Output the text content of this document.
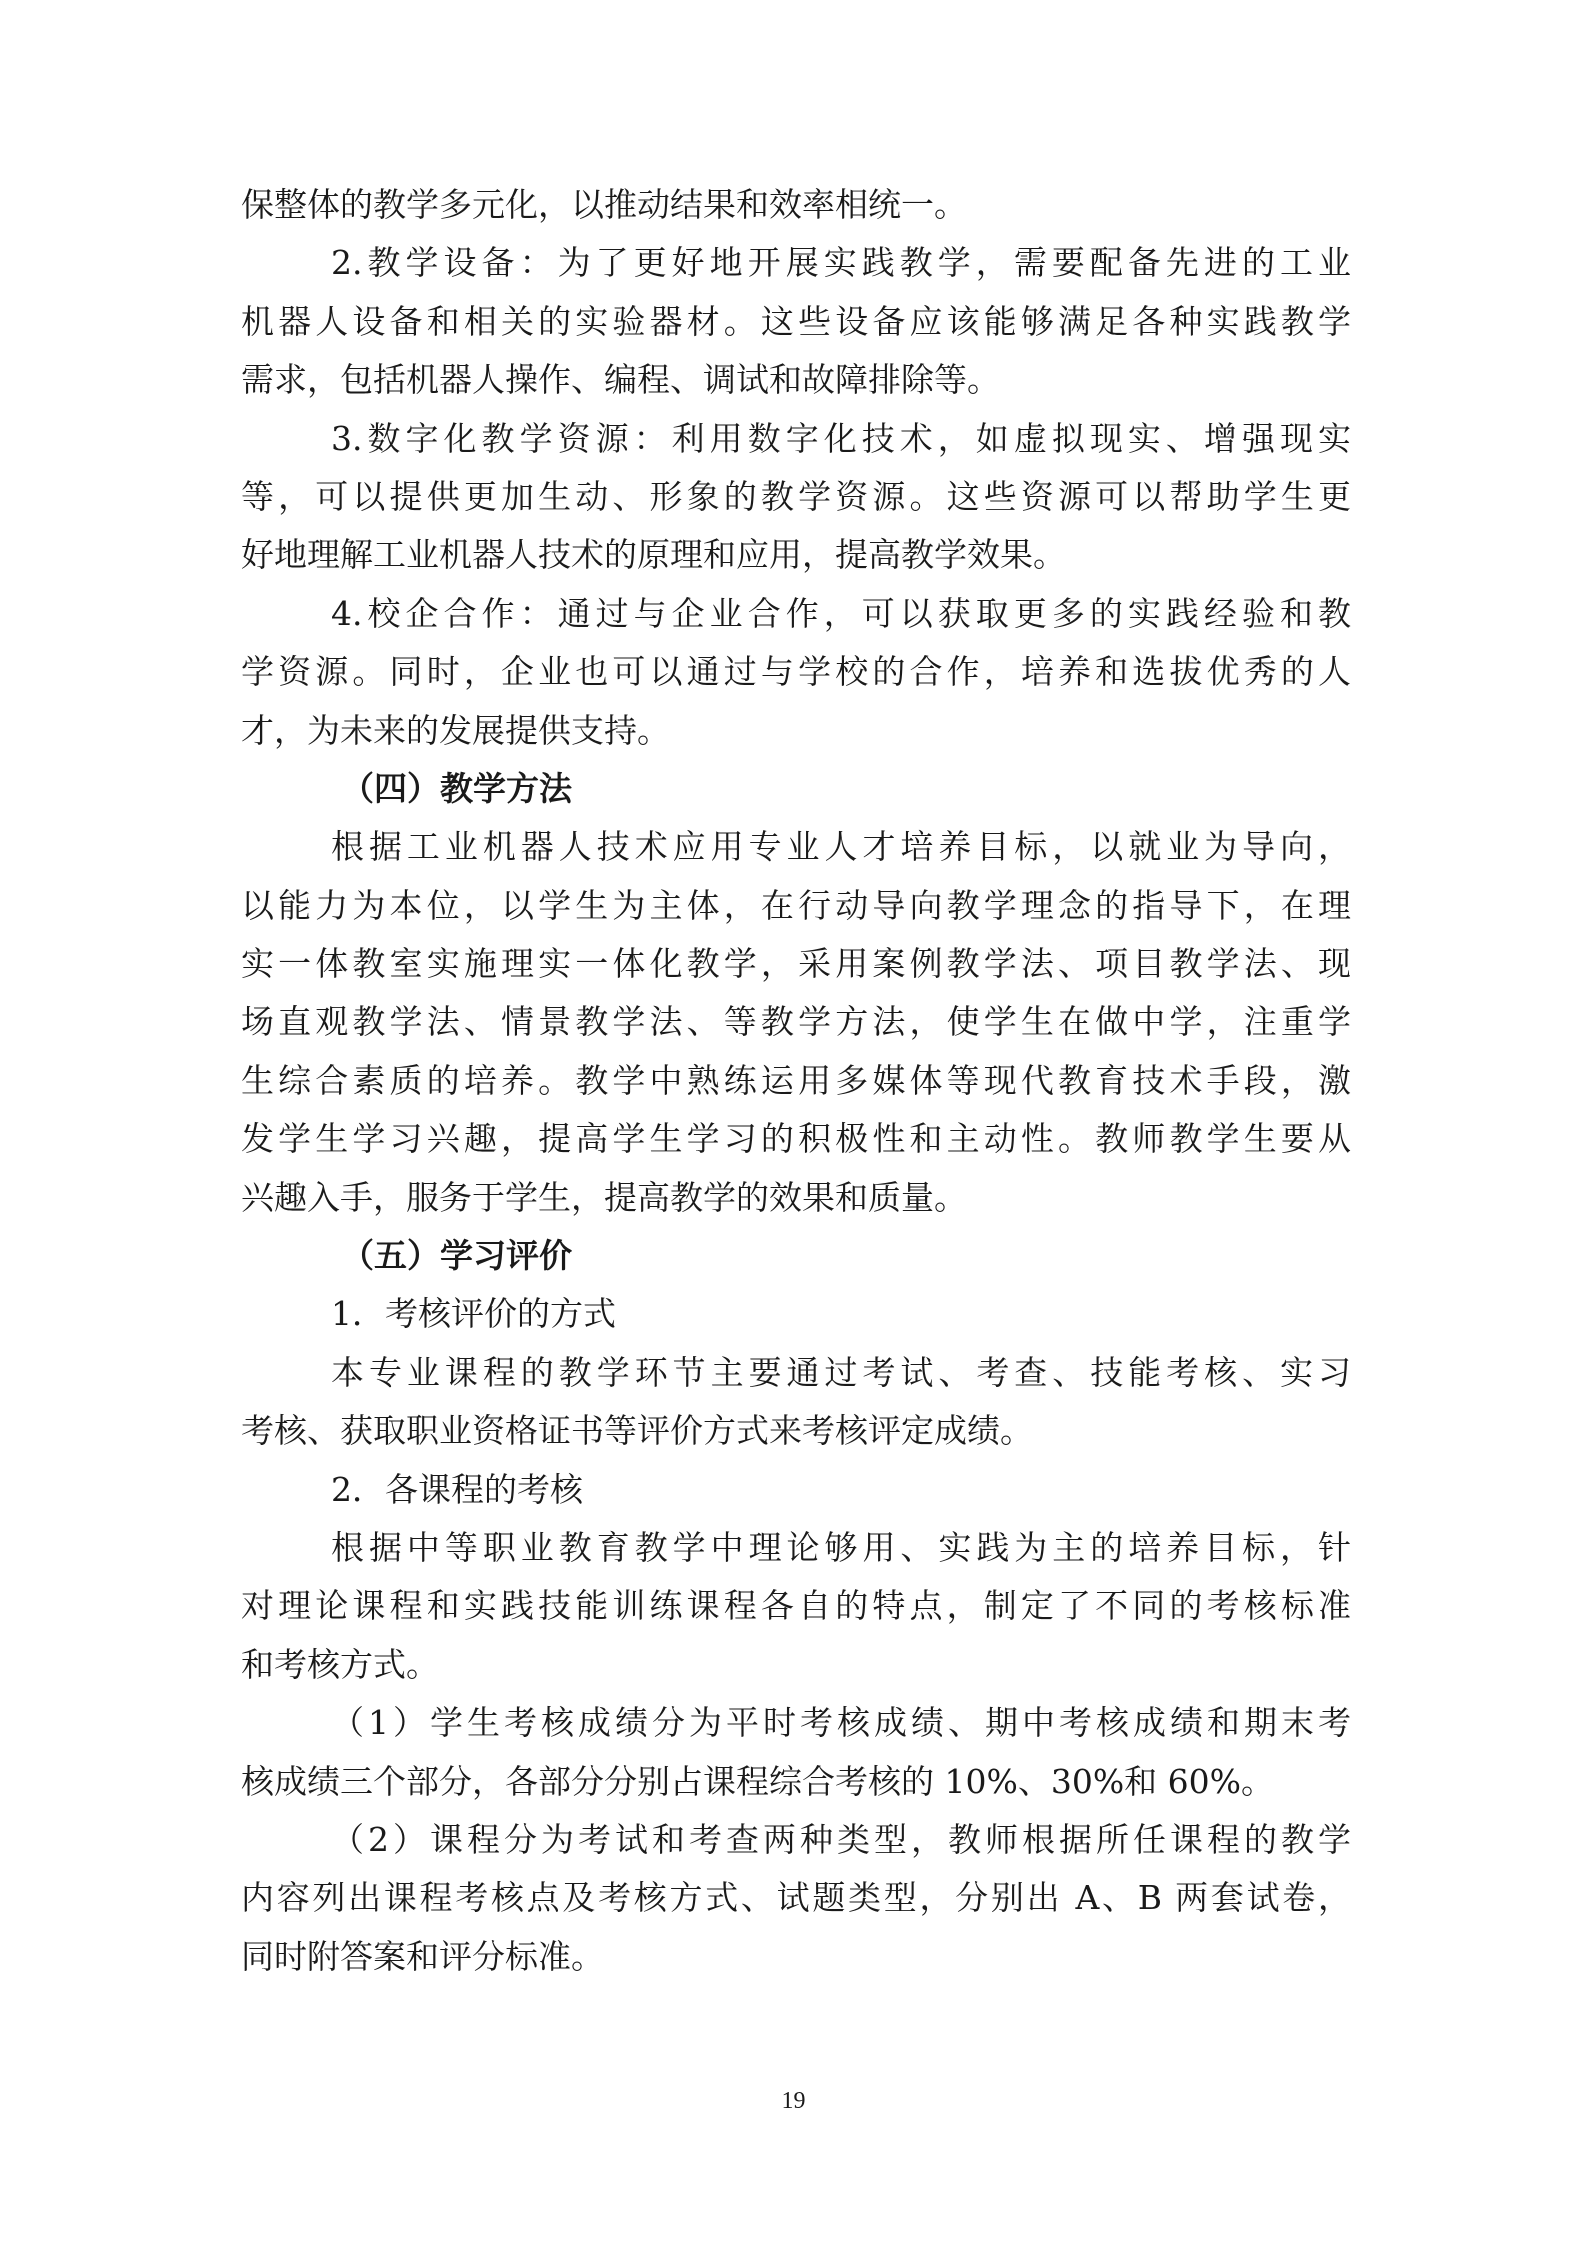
保整体的教学多元化，以推动结果和效率相统一。
2.教学设备：为了更好地开展实践教学，需要配备先进的工业
机器人设备和相关的实验器材。这些设备应该能够满足各种实践教学
需求，包括机器人操作、编程、调试和故障排除等。
3.数字化教学资源：利用数字化技术，如虚拟现实、增强现实
等，可以提供更加生动、形象的教学资源。这些资源可以帮助学生更
好地理解工业机器人技术的原理和应用，提高教学效果。
4.校企合作：通过与企业合作，可以获取更多的实践经验和教
学资源。同时，企业也可以通过与学校的合作，培养和选拔优秀的人
才，为未来的发展提供支持。
（四）教学方法
根据工业机器人技术应用专业人才培养目标，以就业为导向，
以能力为本位，以学生为主体，在行动导向教学理念的指导下，在理
实一体教室实施理实一体化教学，采用案例教学法、项目教学法、现
场直观教学法、情景教学法、等教学方法，使学生在做中学，注重学
生综合素质的培养。教学中熟练运用多媒体等现代教育技术手段，激
发学生学习兴趣，提高学生学习的积极性和主动性。教师教学生要从
兴趣入手，服务于学生，提高教学的效果和质量。
（五）学习评价
1．考核评价的方式
本专业课程的教学环节主要通过考试、考查、技能考核、实习
考核、获取职业资格证书等评价方式来考核评定成绩。
2．各课程的考核
根据中等职业教育教学中理论够用、实践为主的培养目标，针
对理论课程和实践技能训练课程各自的特点，制定了不同的考核标准
和考核方式。
（1）学生考核成绩分为平时考核成绩、期中考核成绩和期末考
核成绩三个部分，各部分分别占课程综合考核的 10%、30%和 60%。
（2）课程分为考试和考查两种类型，教师根据所任课程的教学
内容列出课程考核点及考核方式、试题类型，分别出 A、B 两套试卷，
同时附答案和评分标准。
19
